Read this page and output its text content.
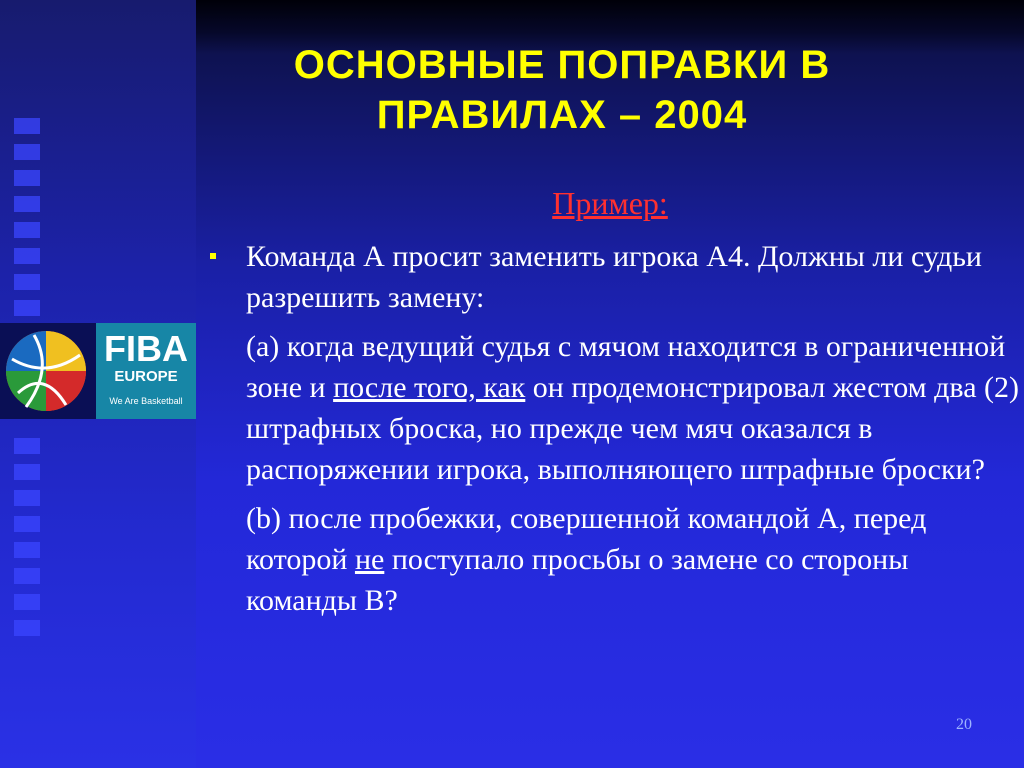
FIBA
EUROPE
We Are Basketball
ОСНОВНЫЕ ПОПРАВКИ В ПРАВИЛАХ – 2004
Пример:
Команда А просит заменить игрока А4. Должны ли судьи разрешить замену:
(а) когда ведущий судья с мячом находится в ограниченной зоне и после того, как он продемонстрировал жестом два (2) штрафных броска, но прежде чем мяч оказался в распоряжении игрока, выполняющего штрафные броски?
(b) после пробежки, совершенной командой А, перед которой не поступало просьбы о замене со стороны команды В?
20
